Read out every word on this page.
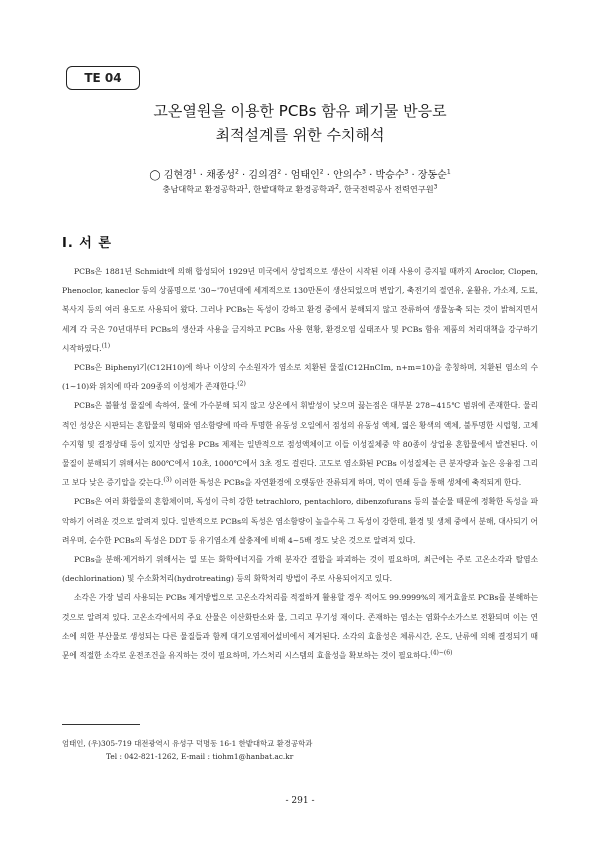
TE 04
고온열원을 이용한 PCBs 함유 폐기물 반응로
최적설계를 위한 수치해석
◯ 김현경$^1$ · 채종성$^2$ · 김의겸$^2$ · 엄태인$^2$ · 안의수$^3$ · 박승수$^3$ · 장동순$^1$
충남대학교 환경공학과$^1$, 한밭대학교 환경공학과$^2$, 한국전력공사 전력연구원$^3$
Ⅰ. 서 론

PCBs은 1881년 Schmidt에 의해 합성되어 1929년 미국에서 상업적으로 생산이 시작된 이래 사용이 증지될 때까지 Aroclor, Clopen, Phenoclor, kaneclor 등의 상품명으로 '30∼'70년대에 세계적으로 130만톤이 생산되었으며 변압기, 축전기의 절연유, 윤활유, 가소제, 도료, 복사지 등의 여러 용도로 사용되어 왔다. 그러나 PCBs는 독성이 강하고 환경 중에서 분해되지 않고 잔류하여 생물농축 되는 것이 밝혀지면서 세계 각 국은 70년대부터 PCBs의 생산과 사용을 금지하고 PCBs 사용 현황, 환경오염 실태조사 및 PCBs 함유 제품의 처리대책을 강구하기 시작하였다.$^{(1)}$

PCBs은 Biphenyl기(C12H10)에 하나 이상의 수소원자가 염소로 치환된 물질(C12HnCIm, n+m=10)을 총칭하며, 치환된 염소의 수(1∼10)와 위치에 따라 209종의 이성체가 존재한다.$^{(2)}$

PCBs은 불활성 물질에 속하여, 물에 가수분해 되지 않고 상온에서 휘발성이 낮으며 끓는점은 대부분 278∼415℃ 범위에 존재한다. 물리적인 성상은 시판되는 혼합물의 형태와 염소함량에 따라 투명한 유동성 오일에서 점성의 유동성 액체, 엷은 황색의 액체, 불투명한 시럽형, 고체수지형 및 결정상태 등이 있지만 상업용 PCBs 제제는 일반적으로 점성액체이고 이들 이성질체중 약 80종이 상업용 혼합물에서 발견된다. 이 물질이 분해되기 위해서는 800℃에서 10초, 1000℃에서 3초 정도 걸린다. 고도로 염소화된 PCBs 이성질체는 큰 분자량과 높은 응융점 그리고 보다 낮은 증기압을 갖는다.$^{(3)}$ 이러한 특성은 PCBs을 자연환경에 오랫동안 잔류되게 하며, 먹이 연쇄 등을 통해 생체에 축적되게 한다.

PCBs은 여러 화합물의 혼합체이며, 독성이 극히 강한 tetrachloro, pentachloro, dibenzofurans 등의 불순물 때문에 정확한 독성을 파악하기 어려운 것으로 알려져 있다. 일반적으로 PCBs의 독성은 염소함량이 높을수록 그 독성이 강한데, 환경 및 생체 중에서 분해, 대사되기 어려우며, 순수한 PCBs의 독성은 DDT 등 유기염소계 살충제에 비해 4∼5배 정도 낮은 것으로 알려져 있다.

PCBs을 분해·제거하기 위해서는 열 또는 화학에너지를 가해 분자간 결합을 파괴하는 것이 필요하며, 최근에는 주로 고온소각과 탈염소(dechlorination) 및 수소화처리(hydrotreating) 등의 화학처리 방법이 주로 사용되어지고 있다.

소각은 가장 널리 사용되는 PCBs 제거방법으로 고온소각처리를 적절하게 활용할 경우 적어도 99.9999%의 제거효율로 PCBs를 분해하는 것으로 알려져 있다. 고온소각에서의 주요 산물은 이산화탄소와 물, 그리고 무기성 재이다. 존재하는 염소는 염화수소가스로 전환되며 이는 연소에 의한 부산물로 생성되는 다른 물질들과 함께 대기오염제어설비에서 제거된다. 소각의 효율성은 체류시간, 온도, 난류에 의해 결정되기 때문에 적절한 소각로 운전조건을 유지하는 것이 필요하며, 가스처리 시스템의 효율성을 확보하는 것이 필요하다.$^{(4)\sim(6)}$

엄태인, (우)305-719 대전광역시 유성구 덕명동 16-1 한밭대학교 환경공학과
Tel : 042-821-1262, E-mail : tiohm1@hanbat.ac.kr
- 291 -
